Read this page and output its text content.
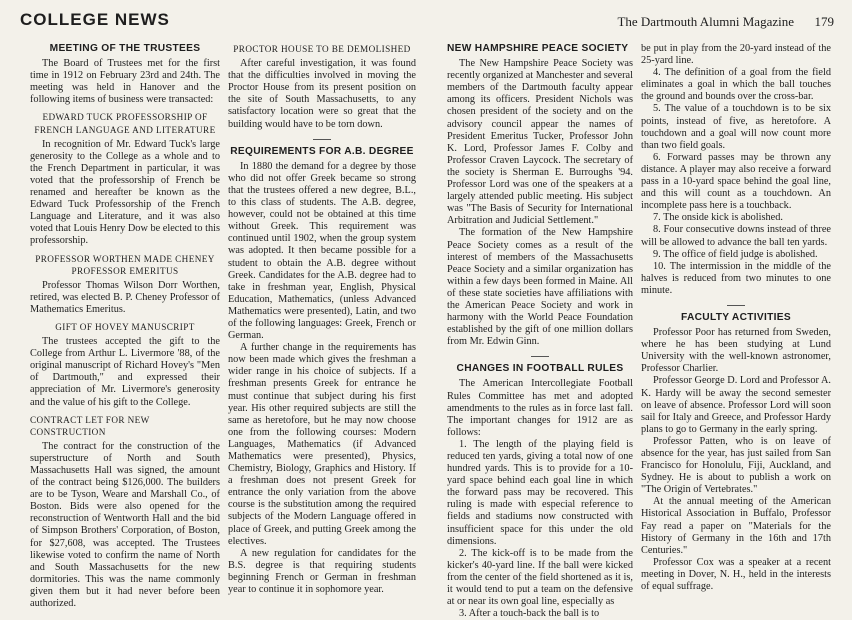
COLLEGE NEWS	The Dartmouth Alumni Magazine 179
MEETING OF THE TRUSTEES

The Board of Trustees met for the first time in 1912 on February 23rd and 24th. The meeting was held in Hanover and the following items of business were transacted:

EDWARD TUCK PROFESSORSHIP OF FRENCH LANGUAGE AND LITERATURE

In recognition of Mr. Edward Tuck's large generosity to the College as a whole and to the French Department in particular, it was voted that the professorship of French be renamed and hereafter be known as the Edward Tuck Professorship of the French Language and Literature, and it was also voted that Louis Henry Dow be elected to this professorship.

PROFESSOR WORTHEN MADE CHENEY PROFESSOR EMERITUS

Professor Thomas Wilson Dorr Worthen, retired, was elected B. P. Cheney Professor of Mathematics Emeritus.

GIFT OF HOVEY MANUSCRIPT

The trustees accepted the gift to the College from Arthur L. Livermore '88, of the original manuscript of Richard Hovey's "Men of Dartmouth," and expressed their appreciation of Mr. Livermore's generosity and the value of his gift to the College.

CONTRACT LET FOR NEW CONSTRUCTION

The contract for the construction of the superstructure of North and South Massachusetts Hall was signed, the amount of the contract being $126,000. The builders are to be Tyson, Weare and Marshall Co., of Boston. Bids were also opened for the reconstruction of Wentworth Hall and the bid of Simpson Brothers' Corporation, of Boston, for $27,608, was accepted. The Trustees likewise voted to confirm the name of North and South Massachusetts for the new dormitories. This was the name commonly given them but it had never before been authorized.

PROCTOR HOUSE TO BE DEMOLISHED

After careful investigation, it was found that the difficulties involved in moving the Proctor House from its present position on the site of South Massachusetts, to any satisfactory location were so great that the building would have to be torn down.

REQUIREMENTS FOR A.B. DEGREE

In 1880 the demand for a degree by those who did not offer Greek became so strong that the trustees offered a new degree, B.L., to this class of students. The A.B. degree, however, could not be obtained at this time without Greek. This requirement was continued until 1902, when the group system was adopted. It then became possible for a student to obtain the A.B. degree without Greek. Candidates for the A.B. degree had to take in freshman year, English, Physical Education, Mathematics, (unless Advanced Mathematics were presented), Latin, and two of the following languages: Greek, French or German.

A further change in the requirements has now been made which gives the freshman a wider range in his choice of subjects. If a freshman presents Greek for entrance he must continue that subject during his first year. His other required subjects are still the same as heretofore, but he may now choose one from the following courses: Modern Languages, Mathematics (if Advanced Mathematics were presented), Physics, Chemistry, Biology, Graphics and History. If a freshman does not present Greek for entrance the only variation from the above course is the substitution among the required subjects of the Modern Language offered in place of Greek, and putting Greek among the electives.

A new regulation for candidates for the B.S. degree is that requiring students beginning French or German in freshman year to continue it in sophomore year.

NEW HAMPSHIRE PEACE SOCIETY

The New Hampshire Peace Society was recently organized at Manchester and several members of the Dartmouth faculty appear among its officers. President Nichols was chosen president of the society and on the advisory council appear the names of President Emeritus Tucker, Professor John K. Lord, Professor James F. Colby and Professor Craven Laycock. The secretary of the society is Sherman E. Burroughs '94. Professor Lord was one of the speakers at a largely attended public meeting. His subject was "The Basis of Security for International Arbitration and Judicial Settlement."

The formation of the New Hampshire Peace Society comes as a result of the interest of members of the Massachusetts Peace Society and a similar organization has within a few days been formed in Maine. All of these state societies have affiliations with the American Peace Society and work in harmony with the World Peace Foundation established by the gift of one million dollars from Mr. Edwin Ginn.

CHANGES IN FOOTBALL RULES

The American Intercollegiate Football Rules Committee has met and adopted amendments to the rules as in force last fall. The important changes for 1912 are as follows:

1. The length of the playing field is reduced ten yards, giving a total now of one hundred yards. This is to provide for a 10-yard space behind each goal line in which the forward pass may be recovered. This ruling is made with especial reference to fields and stadiums now constructed with insufficient space for this under the old dimensions.

2. The kick-off is to be made from the kicker's 40-yard line. If the ball were kicked from the center of the field shortened as it is, it would tend to put a team on the defensive at or near its own goal line, especially as

3. After a touch-back the ball is to

be put in play from the 20-yard instead of the 25-yard line.

4. The definition of a goal from the field eliminates a goal in which the ball touches the ground and bounds over the cross-bar.

5. The value of a touchdown is to be six points, instead of five, as heretofore. A touchdown and a goal will now count more than two field goals.

6. Forward passes may be thrown any distance. A player may also receive a forward pass in a 10-yard space behind the goal line, and this will count as a touchdown. An incomplete pass here is a touchback.

7. The onside kick is abolished.

8. Four consecutive downs instead of three will be allowed to advance the ball ten yards.

9. The office of field judge is abolished.

10. The intermission in the middle of the halves is reduced from two minutes to one minute.

FACULTY ACTIVITIES

Professor Poor has returned from Sweden, where he has been studying at Lund University with the well-known astronomer, Professor Charlier.

Professor George D. Lord and Professor A. K. Hardy will be away the second semester on leave of absence. Professor Lord will soon sail for Italy and Greece, and Professor Hardy plans to go to Germany in the early spring.

Professor Patten, who is on leave of absence for the year, has just sailed from San Francisco for Honolulu, Fiji, Auckland, and Sydney. He is about to publish a work on "The Origin of Vertebrates."

At the annual meeting of the American Historical Association in Buffalo, Professor Fay read a paper on "Materials for the History of Germany in the 16th and 17th Centuries."

Professor Cox was a speaker at a recent meeting in Dover, N. H., held in the interests of equal suffrage.
